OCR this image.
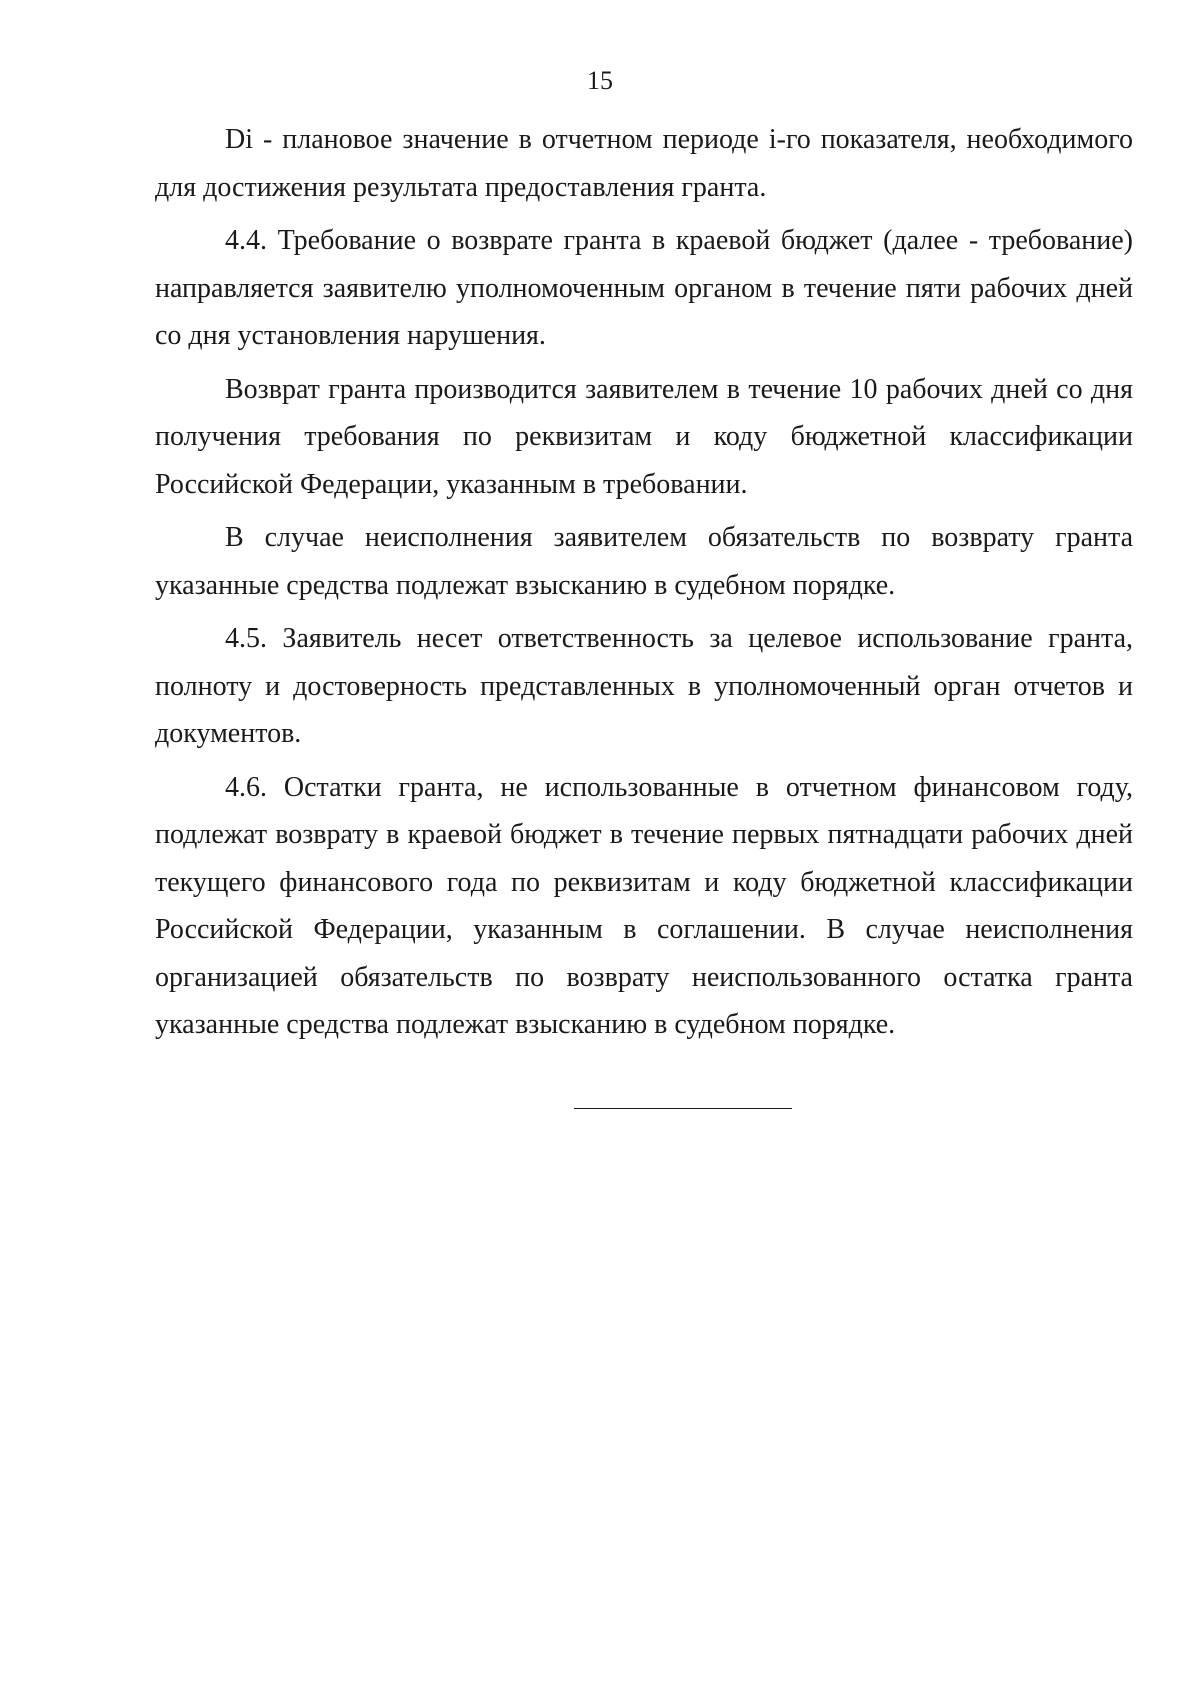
15

Di - плановое значение в отчетном периоде i-го показателя, необходимого для достижения результата предоставления гранта.

4.4. Требование о возврате гранта в краевой бюджет (далее - требование) направляется заявителю уполномоченным органом в течение пяти рабочих дней со дня установления нарушения.

Возврат гранта производится заявителем в течение 10 рабочих дней со дня получения требования по реквизитам и коду бюджетной классификации Российской Федерации, указанным в требовании.

В случае неисполнения заявителем обязательств по возврату гранта указанные средства подлежат взысканию в судебном порядке.

4.5. Заявитель несет ответственность за целевое использование гранта, полноту и достоверность представленных в уполномоченный орган отчетов и документов.

4.6. Остатки гранта, не использованные в отчетном финансовом году, подлежат возврату в краевой бюджет в течение первых пятнадцати рабочих дней текущего финансового года по реквизитам и коду бюджетной классификации Российской Федерации, указанным в соглашении. В случае неисполнения организацией обязательств по возврату неиспользованного остатка гранта указанные средства подлежат взысканию в судебном порядке.
